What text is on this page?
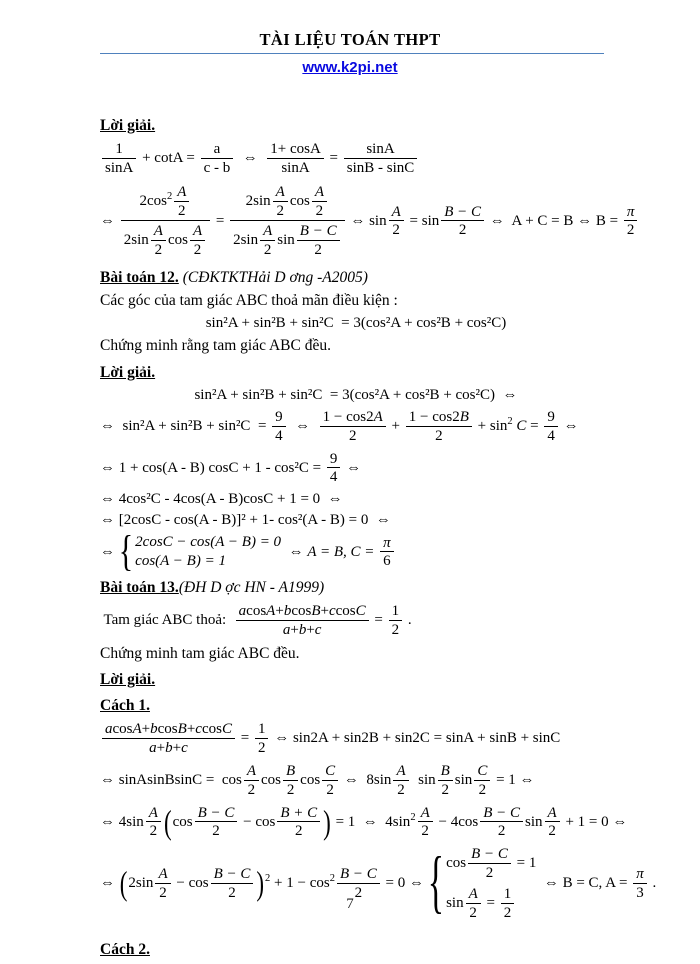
TÀI LIỆU TOÁN THPT
www.k2pi.net
Lời giải.
$\frac{1}{\sin A} + \cot A = \frac{a}{c - b}$ ⇔ $\frac{1+ \cos A}{\sin A} = \frac{\sin A}{\sin B - \sin C}$
⇔ $\frac{2\cos^2 \frac{A}{2}}{2\sin \frac{A}{2} \cos \frac{A}{2}} = \frac{2\sin \frac{A}{2} \cos \frac{A}{2}}{2\sin \frac{A}{2} \sin \frac{B - C}{2}}$ ⇔ $\sin \frac{A}{2} = \sin \frac{B - C}{2}$ ⇔  A + C = B ⇔ $B = \frac{\pi}{2}$
Bài toán 12. (CĐKTKTHải D ơng -A2005)
Các góc của tam giác ABC thoả mãn điều kiện :
sin²A + sin²B + sin²C  = 3(cos²A + cos²B + cos²C)
Chứng minh rằng tam giác ABC đều.
Lời giải.
sin²A + sin²B + sin²C  = 3(cos²A + cos²B + cos²C)  ⇔
⇔  $\sin^2A + \sin^2B + \sin^2C = \frac{9}{4}$ ⇔ $\frac{1 - \cos 2A}{2} + \frac{1 - \cos 2B}{2} + \sin^2 C = \frac{9}{4}$ ⇔
⇔ 1 + cos(A - B) $\cos C + 1 - \cos^2C = \frac{9}{4}$ ⇔
⇔ 4cos²C - 4cos(A - B)cosC + 1 = 0  ⇔
⇔ [2cosC - cos(A - B)]² + 1- cos²(A - B) = 0  ⇔
⇔ { 2cosC − cos(A − B) = 0
cos(A − B) = 1
⇔ A = B, $C = \frac{\pi}{6}$
Bài toán 13.(ĐH D ợc HN - A1999)
Tam giác ABC thoả: $\frac{acosA+bcosB+ccosC}{a+b+c} = \frac{1}{2}$ .
Chứng minh tam giác ABC đều.
Lời giải.
Cách 1.
$\frac{acosA+bcosB+ccosC}{a+b+c} = \frac{1}{2}$ ⇔ sin2A + sin2B + sin2C = sinA + sinB + sinC
⇔ sinAsinBsinC =  $\cos \frac{A}{2}$ $\cos \frac{B}{2}$ $\cos \frac{C}{2}$ ⇔  $8\sin \frac{A}{2}$ $\sin \frac{B}{2}$ $\sin \frac{C}{2} = 1$ ⇔
⇔ $4\sin \frac{A}{2} (\cos \frac{B - C}{2} - \cos \frac{B + C}{2}$ ) = 1  ⇔  $4\sin^2 \frac{A}{2} - 4\cos \frac{B - C}{2}$ $\sin \frac{A}{2} + 1 = 0$ ⇔
⇔ $(2\sin \frac{A}{2} - \cos \frac{B - C}{2} )^2 + 1 - \cos^2 \frac{B - C}{2} = 0$ ⇔ { $\cos \frac{B - C}{2} = 1$
$\sin \frac{A}{2} = \frac{1}{2}$
⇔ B = C, $A = \frac{\pi}{3}$ .
Cách 2.
7
